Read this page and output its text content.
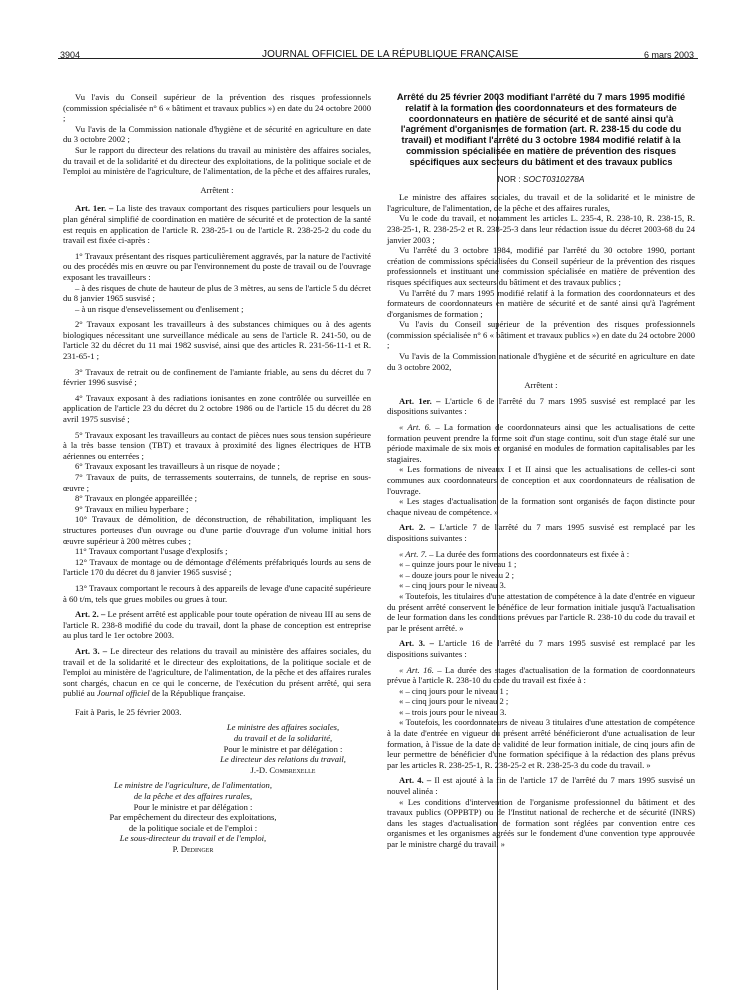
3904	JOURNAL OFFICIEL DE LA RÉPUBLIQUE FRANÇAISE	6 mars 2003

Vu l'avis du Conseil supérieur de la prévention des risques professionnels (commission spécialisée n° 6 « bâtiment et travaux publics ») en date du 24 octobre 2000 ;

Vu l'avis de la Commission nationale d'hygiène et de sécurité en agriculture en date du 3 octobre 2002 ;

Sur le rapport du directeur des relations du travail au ministère des affaires sociales, du travail et de la solidarité et du directeur des exploitations, de la politique sociale et de l'emploi au ministère de l'agriculture, de l'alimentation, de la pêche et des affaires rurales,

Arrêtent :

Art. 1er. – La liste des travaux comportant des risques particuliers pour lesquels un plan général simplifié de coordination en matière de sécurité et de protection de la santé est requis en application de l'article R. 238-25-1 ou de l'article R. 238-25-2 du code du travail est fixée ci-après :

1° Travaux présentant des risques particulièrement aggravés, par la nature de l'activité ou des procédés mis en œuvre ou par l'environnement du poste de travail ou de l'ouvrage exposant les travailleurs :

– à des risques de chute de hauteur de plus de 3 mètres, au sens de l'article 5 du décret du 8 janvier 1965 susvisé ;

– à un risque d'ensevelissement ou d'enlisement ;

2° Travaux exposant les travailleurs à des substances chimiques ou à des agents biologiques nécessitant une surveillance médicale au sens de l'article R. 241-50, ou de l'article 32 du décret du 11 mai 1982 susvisé, ainsi que des articles R. 231-56-11-1 et R. 231-65-1 ;

3° Travaux de retrait ou de confinement de l'amiante friable, au sens du décret du 7 février 1996 susvisé ;

4° Travaux exposant à des radiations ionisantes en zone contrôlée ou surveillée en application de l'article 23 du décret du 2 octobre 1986 ou de l'article 15 du décret du 28 avril 1975 susvisé ;

5° Travaux exposant les travailleurs au contact de pièces nues sous tension supérieure à la très basse tension (TBT) et travaux à proximité des lignes électriques de HTB aériennes ou enterrées ;

6° Travaux exposant les travailleurs à un risque de noyade ;

7° Travaux de puits, de terrassements souterrains, de tunnels, de reprise en sous-œuvre ;

8° Travaux en plongée appareillée ;

9° Travaux en milieu hyperbare ;

10° Travaux de démolition, de déconstruction, de réhabilitation, impliquant les structures porteuses d'un ouvrage ou d'une partie d'ouvrage d'un volume initial hors œuvre supérieur à 200 mètres cubes ;

11° Travaux comportant l'usage d'explosifs ;

12° Travaux de montage ou de démontage d'éléments préfabriqués lourds au sens de l'article 170 du décret du 8 janvier 1965 susvisé ;

13° Travaux comportant le recours à des appareils de levage d'une capacité supérieure à 60 t/m, tels que grues mobiles ou grues à tour.

Art. 2. – Le présent arrêté est applicable pour toute opération de niveau III au sens de l'article R. 238-8 modifié du code du travail, dont la phase de conception est entreprise au plus tard le 1er octobre 2003.

Art. 3. – Le directeur des relations du travail au ministère des affaires sociales, du travail et de la solidarité et le directeur des exploitations, de la politique sociale et de l'emploi au ministère de l'agriculture, de l'alimentation, de la pêche et des affaires rurales sont chargés, chacun en ce qui le concerne, de l'exécution du présent arrêté, qui sera publié au Journal officiel de la République française.

Fait à Paris, le 25 février 2003.

Le ministre des affaires sociales,

du travail et de la solidarité,

Pour le ministre et par délégation :

Le directeur des relations du travail,

J.-D. Combrexelle

Le ministre de l'agriculture, de l'alimentation,

de la pêche et des affaires rurales,

Pour le ministre et par délégation :

Par empêchement du directeur des exploitations,

de la politique sociale et de l'emploi :

Le sous-directeur du travail et de l'emploi,

P. Dedinger

Arrêté du 25 février 2003 modifiant l'arrêté du 7 mars 1995 modifié relatif à la formation des coordonnateurs et des formateurs de coordonnateurs en matière de sécurité et de santé ainsi qu'à l'agrément d'organismes de formation (art. R. 238-15 du code du travail) et modifiant l'arrêté du 3 octobre 1984 modifié relatif à la commission spécialisée en matière de prévention des risques spécifiques aux secteurs du bâtiment et des travaux publics
NOR : SOCT0310278A

Le ministre des affaires sociales, du travail et de la solidarité et le ministre de l'agriculture, de l'alimentation, de la pêche et des affaires rurales,

Vu le code du travail, et notamment les articles L. 235-4, R. 238-10, R. 238-15, R. 238-25-1, R. 238-25-2 et R. 238-25-3 dans leur rédaction issue du décret 2003-68 du 24 janvier 2003 ;

Vu l'arrêté du 3 octobre 1984, modifié par l'arrêté du 30 octobre 1990, portant création de commissions spécialisées du Conseil supérieur de la prévention des risques professionnels et instituant une commission spécialisée en matière de prévention des risques spécifiques aux secteurs du bâtiment et des travaux publics ;

Vu l'arrêté du 7 mars 1995 modifié relatif à la formation des coordonnateurs et des formateurs de coordonnateurs en matière de sécurité et de santé ainsi qu'à l'agrément d'organismes de formation ;

Vu l'avis du Conseil supérieur de la prévention des risques professionnels (commission spécialisée n° 6 « bâtiment et travaux publics ») en date du 24 octobre 2000 ;

Vu l'avis de la Commission nationale d'hygiène et de sécurité en agriculture en date du 3 octobre 2002,

Arrêtent :

Art. 1er. – L'article 6 de l'arrêté du 7 mars 1995 susvisé est remplacé par les dispositions suivantes :

« Art. 6. – La formation de coordonnateurs ainsi que les actualisations de cette formation peuvent prendre la forme soit d'un stage continu, soit d'un stage étalé sur une période maximale de six mois et organisé en modules de formation capitalisables par les stagiaires.

« Les formations de niveaux I et II ainsi que les actualisations de celles-ci sont communes aux coordonnateurs de conception et aux coordonnateurs de réalisation de l'ouvrage.

« Les stages d'actualisation de la formation sont organisés de façon distincte pour chaque niveau de compétence. »

Art. 2. – L'article 7 de l'arrêté du 7 mars 1995 susvisé est remplacé par les dispositions suivantes :

« Art. 7. – La durée des formations des coordonnateurs est fixée à :

« – quinze jours pour le niveau 1 ;

« – douze jours pour le niveau 2 ;

« – cinq jours pour le niveau 3.

« Toutefois, les titulaires d'une attestation de compétence à la date d'entrée en vigueur du présent arrêté conservent le bénéfice de leur formation initiale jusqu'à l'actualisation de leur formation dans les conditions prévues par l'article R. 238-10 du code du travail et par le présent arrêté. »

Art. 3. – L'article 16 de l'arrêté du 7 mars 1995 susvisé est remplacé par les dispositions suivantes :

« Art. 16. – La durée des stages d'actualisation de la formation de coordonnateurs prévue à l'article R. 238-10 du code du travail est fixée à :

« – cinq jours pour le niveau 1 ;

« – cinq jours pour le niveau 2 ;

« – trois jours pour le niveau 3.

« Toutefois, les coordonnateurs de niveau 3 titulaires d'une attestation de compétence à la date d'entrée en vigueur du présent arrêté bénéficieront d'une actualisation de leur formation, à l'issue de la date de validité de leur formation initiale, de cinq jours afin de leur permettre de bénéficier d'une formation spécifique à la rédaction des plans prévus par les articles R. 238-25-1, R. 238-25-2 et R. 238-25-3 du code du travail. »

Art. 4. – Il est ajouté à la fin de l'article 17 de l'arrêté du 7 mars 1995 susvisé un nouvel alinéa :

« Les conditions d'intervention de l'organisme professionnel du bâtiment et des travaux publics (OPPBTP) ou de l'Institut national de recherche et de sécurité (INRS) dans les stages d'actualisation de formation sont réglées par convention entre ces organismes et les organismes agréés sur le fondement d'une convention type approuvée par le ministre chargé du travail. »
